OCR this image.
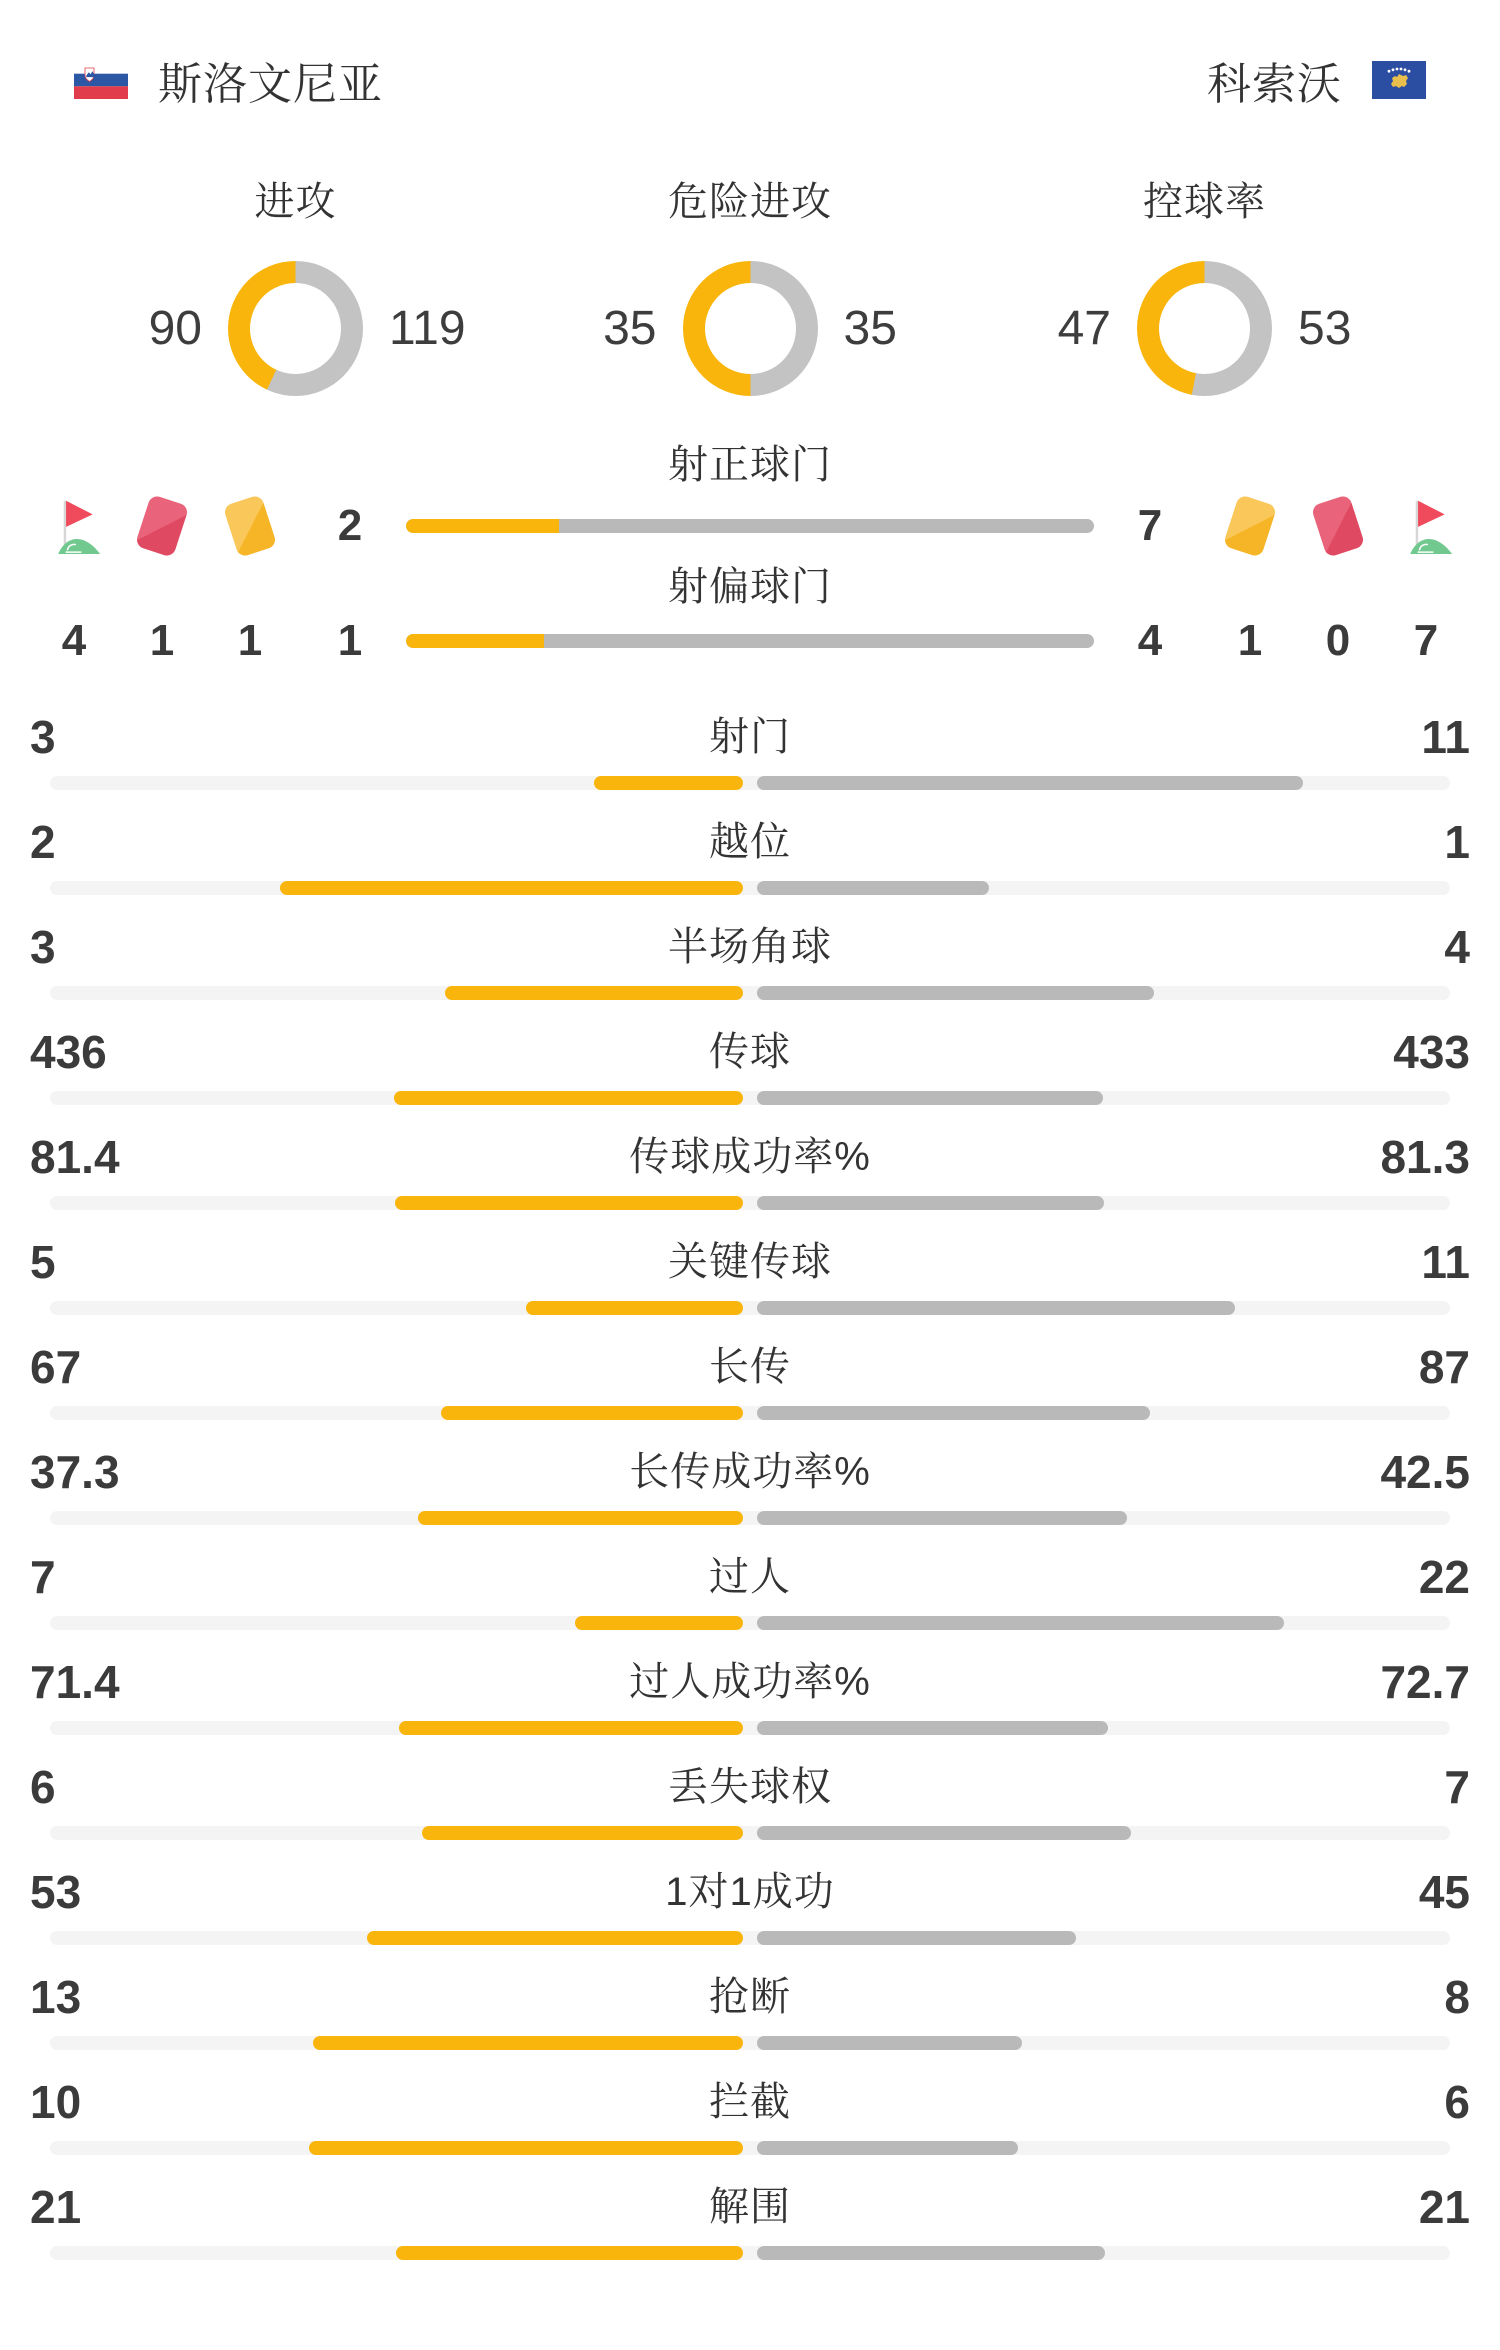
斯洛文尼亚	科索沃
进攻
90	119
危险进攻
35	35
控球率
47	53
射正球门
2	7
射偏球门
4	1	1	1	4	1	0	7
3	射门	11
2	越位	1
3	半场角球	4
436	传球	433
81.4	传球成功率%	81.3
5	关键传球	11
67	长传	87
37.3	长传成功率%	42.5
7	过人	22
71.4	过人成功率%	72.7
6	丢失球权	7
53	1对1成功	45
13	抢断	8
10	拦截	6
21	解围	21
